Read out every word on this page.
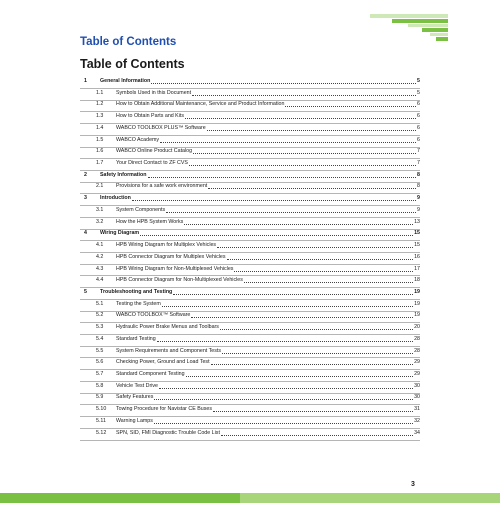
Table of Contents
Table of Contents
1 General Information	5
1.1 Symbols Used in this Document	5
1.2 How to Obtain Additional Maintenance, Service and Product Information	6
1.3 How to Obtain Parts and Kits	6
1.4 WABCO TOOLBOX PLUS™ Software	6
1.5 WABCO Academy	6
1.6 WABCO Online Product Catalog	7
1.7 Your Direct Contact to ZF CVS	7
2 Safety Information	8
2.1 Provisions for a safe work environment	8
3 Introduction	9
3.1 System Components	9
3.2 How the HPB System Works	13
4 Wiring Diagram	15
4.1 HPB Wiring Diagram for Multiplex Vehicles	15
4.2 HPB Connector Diagram for Multiplex Vehicles	16
4.3 HPB Wiring Diagram for Non-Multiplexed Vehicles	17
4.4 HPB Connector Diagram for Non-Multiplexed Vehicles	18
5 Troubleshooting and Testing	19
5.1 Testing the System	19
5.2 WABCO TOOLBOX™ Software	19
5.3 Hydraulic Power Brake Menus and Toolbars	20
5.4 Standard Testing	28
5.5 System Requirements and Component Tests	28
5.6 Checking Power, Ground and Load Test	29
5.7 Standard Component Testing	29
5.8 Vehicle Test Drive	30
5.9 Safety Features	30
5.10 Towing Procedure for Navistar CE Buses	31
5.11 Warning Lamps	32
5.12 SPN, SID, FMI Diagnostic Trouble Code List	34
3
